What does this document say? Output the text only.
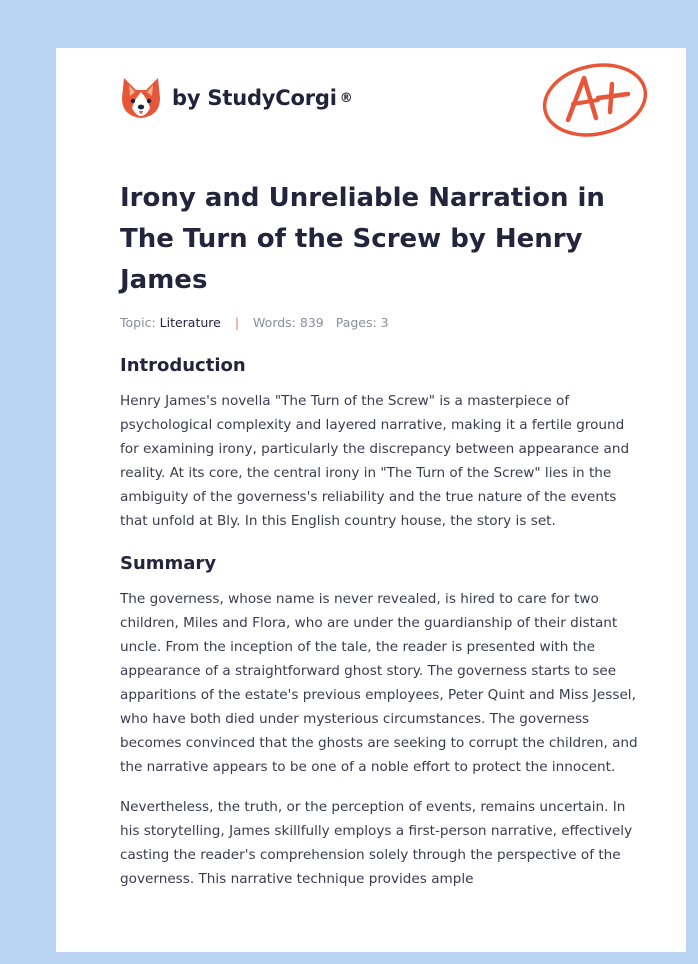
by StudyCorgi ®
Irony and Unreliable Narration in The Turn of the Screw by Henry James
Topic: Literature | Words: 839 Pages: 3
Introduction

Henry James's novella "The Turn of the Screw" is a masterpiece of psychological complexity and layered narrative, making it a fertile ground for examining irony, particularly the discrepancy between appearance and reality. At its core, the central irony in "The Turn of the Screw" lies in the ambiguity of the governess's reliability and the true nature of the events that unfold at Bly. In this English country house, the story is set.

Summary

The governess, whose name is never revealed, is hired to care for two children, Miles and Flora, who are under the guardianship of their distant uncle. From the inception of the tale, the reader is presented with the appearance of a straightforward ghost story. The governess starts to see apparitions of the estate's previous employees, Peter Quint and Miss Jessel, who have both died under mysterious circumstances. The governess becomes convinced that the ghosts are seeking to corrupt the children, and the narrative appears to be one of a noble effort to protect the innocent.

Nevertheless, the truth, or the perception of events, remains uncertain. In his storytelling, James skillfully employs a first-person narrative, effectively casting the reader's comprehension solely through the perspective of the governess. This narrative technique provides ample
